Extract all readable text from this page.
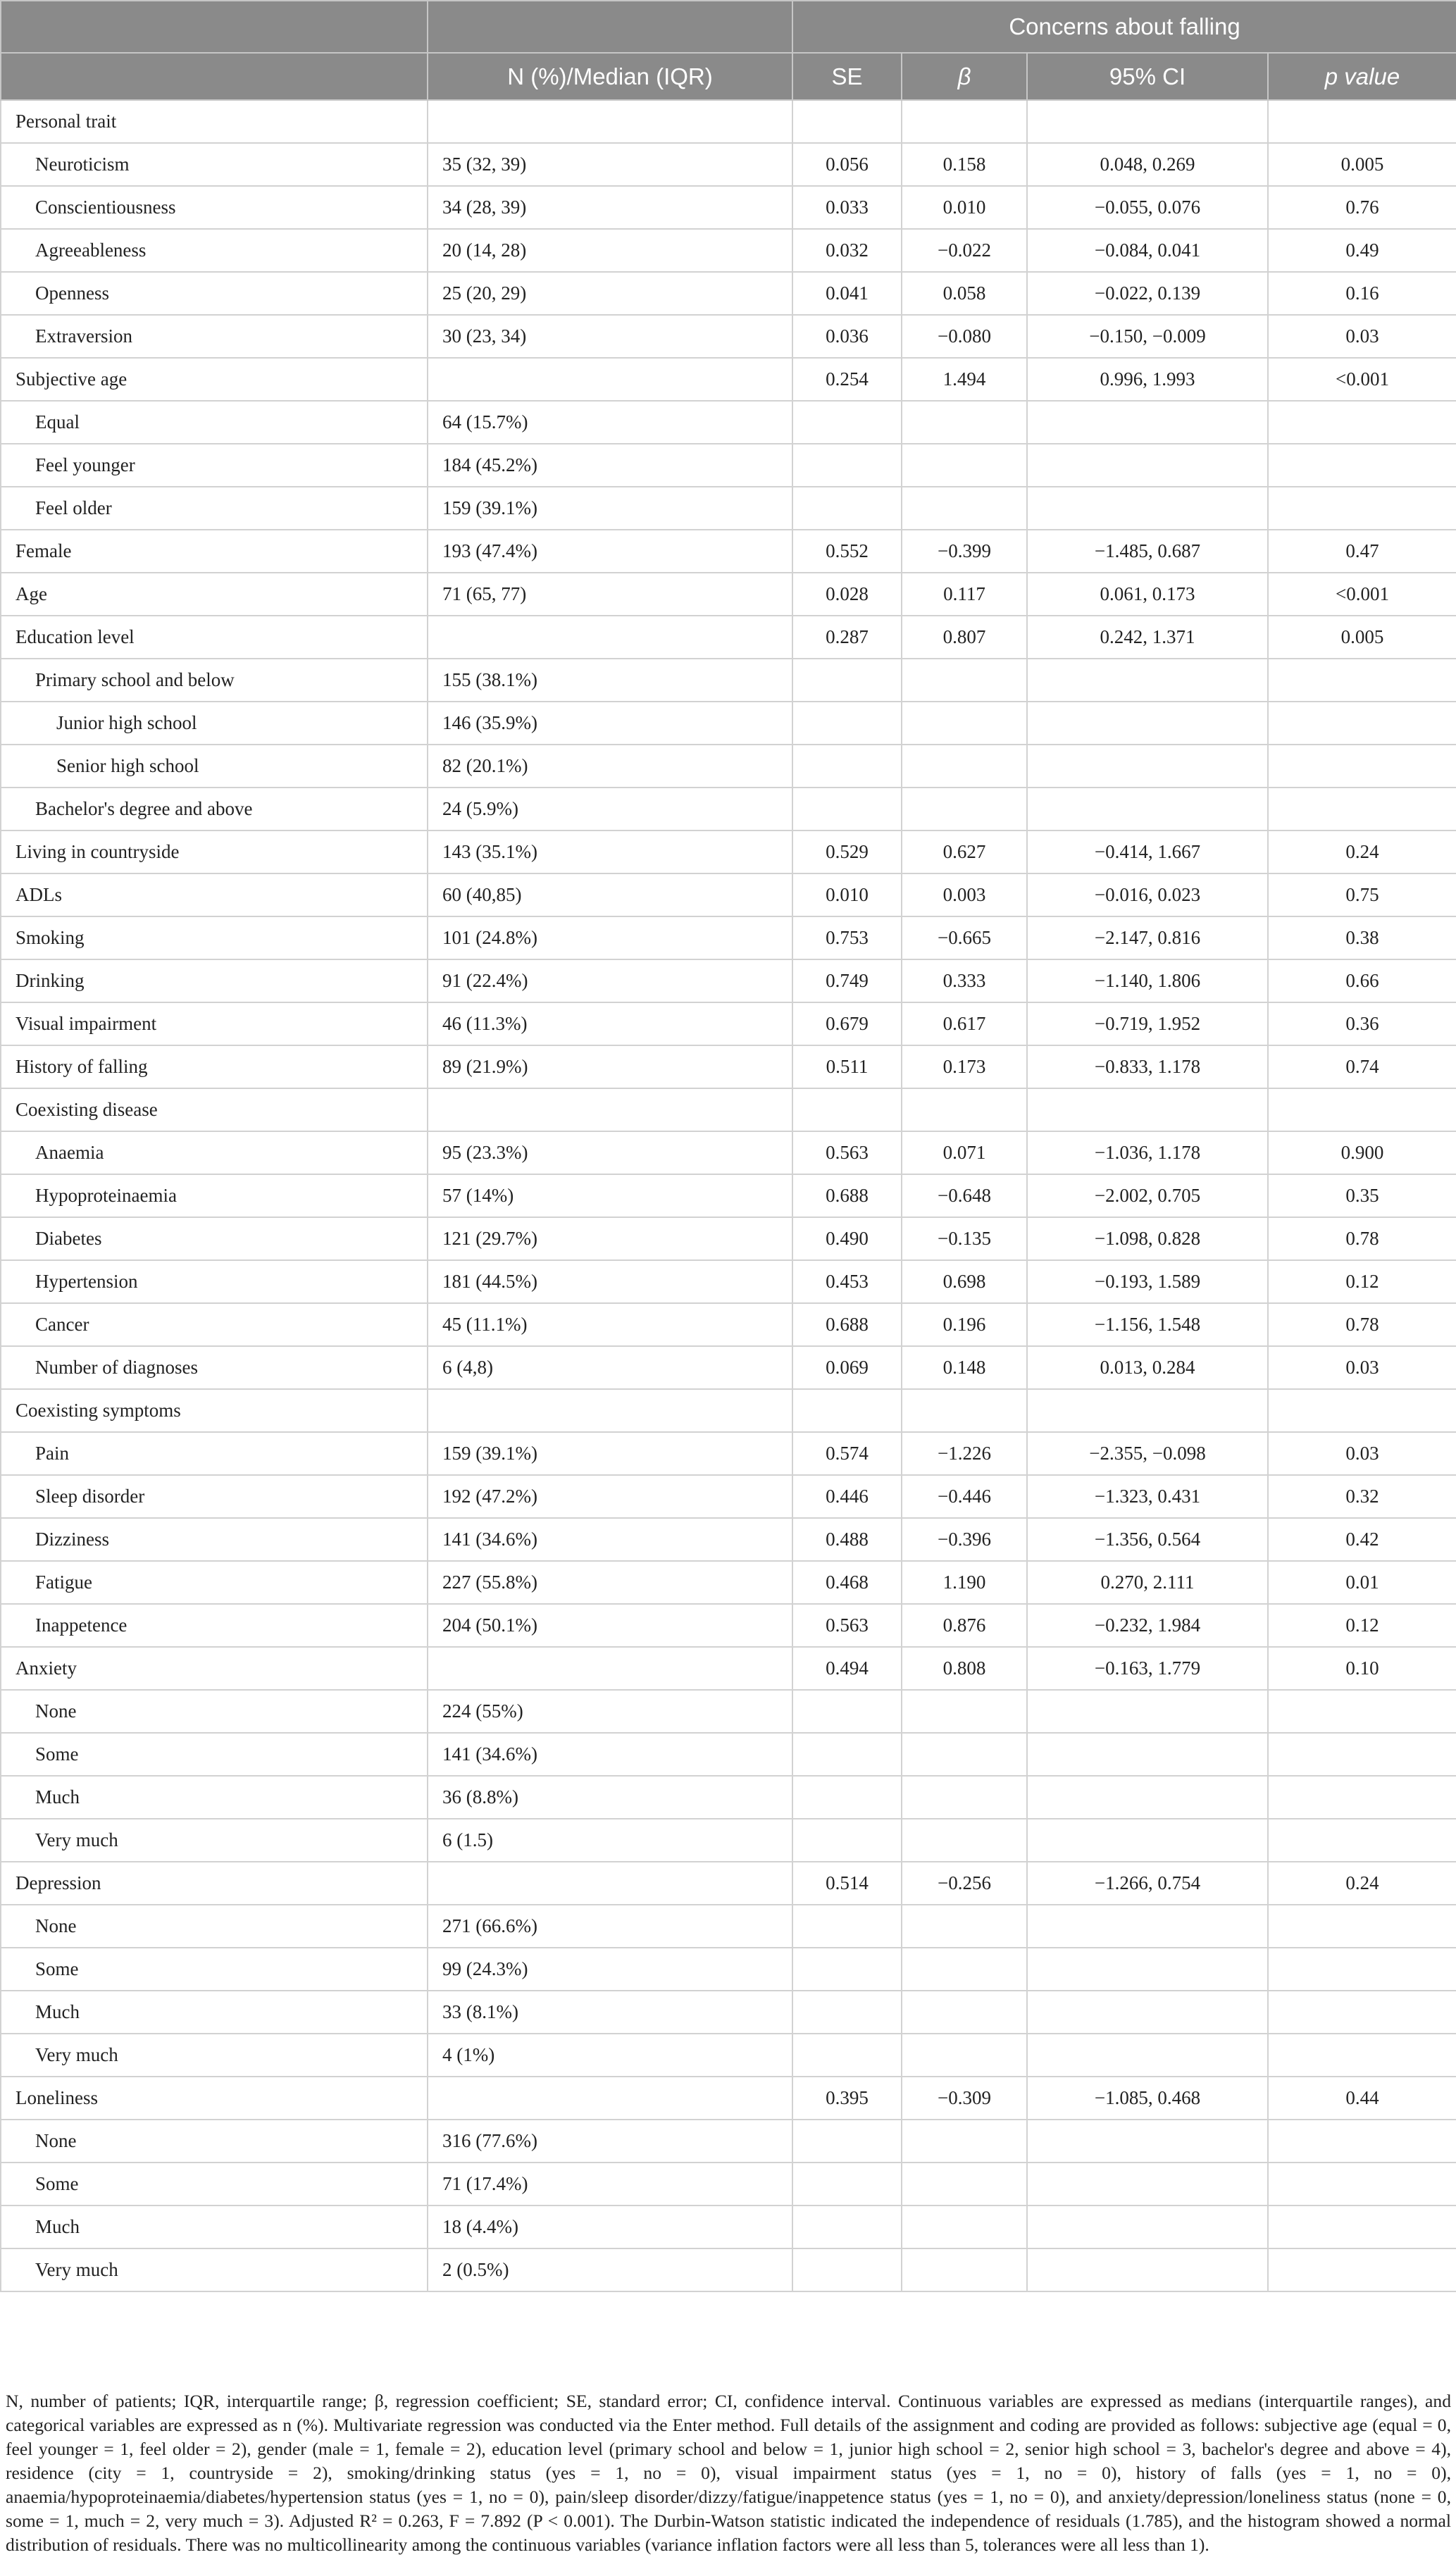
		Concerns about falling			
	N (%)/Median (IQR)	SE	β	95% CI	p value
Personal trait					
Neuroticism	35 (32, 39)	0.056	0.158	0.048, 0.269	0.005
Conscientiousness	34 (28, 39)	0.033	0.010	−0.055, 0.076	0.76
Agreeableness	20 (14, 28)	0.032	−0.022	−0.084, 0.041	0.49
Openness	25 (20, 29)	0.041	0.058	−0.022, 0.139	0.16
Extraversion	30 (23, 34)	0.036	−0.080	−0.150, −0.009	0.03
Subjective age		0.254	1.494	0.996, 1.993	<0.001
Equal	64 (15.7%)				
Feel younger	184 (45.2%)				
Feel older	159 (39.1%)				
Female	193 (47.4%)	0.552	−0.399	−1.485, 0.687	0.47
Age	71 (65, 77)	0.028	0.117	0.061, 0.173	<0.001
Education level		0.287	0.807	0.242, 1.371	0.005
Primary school and below	155 (38.1%)				
Junior high school	146 (35.9%)				
Senior high school	82 (20.1%)				
Bachelor's degree and above	24 (5.9%)				
Living in countryside	143 (35.1%)	0.529	0.627	−0.414, 1.667	0.24
ADLs	60 (40,85)	0.010	0.003	−0.016, 0.023	0.75
Smoking	101 (24.8%)	0.753	−0.665	−2.147, 0.816	0.38
Drinking	91 (22.4%)	0.749	0.333	−1.140, 1.806	0.66
Visual impairment	46 (11.3%)	0.679	0.617	−0.719, 1.952	0.36
History of falling	89 (21.9%)	0.511	0.173	−0.833, 1.178	0.74
Coexisting disease					
Anaemia	95 (23.3%)	0.563	0.071	−1.036, 1.178	0.900
Hypoproteinaemia	57 (14%)	0.688	−0.648	−2.002, 0.705	0.35
Diabetes	121 (29.7%)	0.490	−0.135	−1.098, 0.828	0.78
Hypertension	181 (44.5%)	0.453	0.698	−0.193, 1.589	0.12
Cancer	45 (11.1%)	0.688	0.196	−1.156, 1.548	0.78
Number of diagnoses	6 (4,8)	0.069	0.148	0.013, 0.284	0.03
Coexisting symptoms					
Pain	159 (39.1%)	0.574	−1.226	−2.355, −0.098	0.03
Sleep disorder	192 (47.2%)	0.446	−0.446	−1.323, 0.431	0.32
Dizziness	141 (34.6%)	0.488	−0.396	−1.356, 0.564	0.42
Fatigue	227 (55.8%)	0.468	1.190	0.270, 2.111	0.01
Inappetence	204 (50.1%)	0.563	0.876	−0.232, 1.984	0.12
Anxiety		0.494	0.808	−0.163, 1.779	0.10
None	224 (55%)				
Some	141 (34.6%)				
Much	36 (8.8%)				
Very much	6 (1.5)				
Depression		0.514	−0.256	−1.266, 0.754	0.24
None	271 (66.6%)				
Some	99 (24.3%)				
Much	33 (8.1%)				
Very much	4 (1%)				
Loneliness		0.395	−0.309	−1.085, 0.468	0.44
None	316 (77.6%)				
Some	71 (17.4%)				
Much	18 (4.4%)				
Very much	2 (0.5%)				
N, number of patients; IQR, interquartile range; β, regression coefficient; SE, standard error; CI, confidence interval. Continuous variables are expressed as medians (interquartile ranges), and categorical variables are expressed as n (%). Multivariate regression was conducted via the Enter method. Full details of the assignment and coding are provided as follows: subjective age (equal = 0, feel younger = 1, feel older = 2), gender (male = 1, female = 2), education level (primary school and below = 1, junior high school = 2, senior high school = 3, bachelor's degree and above = 4), residence (city = 1, countryside = 2), smoking/drinking status (yes = 1, no = 0), visual impairment status (yes = 1, no = 0), history of falls (yes = 1, no = 0), anaemia/hypoproteinaemia/diabetes/hypertension status (yes = 1, no = 0), pain/sleep disorder/dizzy/fatigue/inappetence status (yes = 1, no = 0), and anxiety/depression/loneliness status (none = 0, some = 1, much = 2, very much = 3). Adjusted R² = 0.263, F = 7.892 (P < 0.001). The Durbin-Watson statistic indicated the independence of residuals (1.785), and the histogram showed a normal distribution of residuals. There was no multicollinearity among the continuous variables (variance inflation factors were all less than 5, tolerances were all less than 1).
